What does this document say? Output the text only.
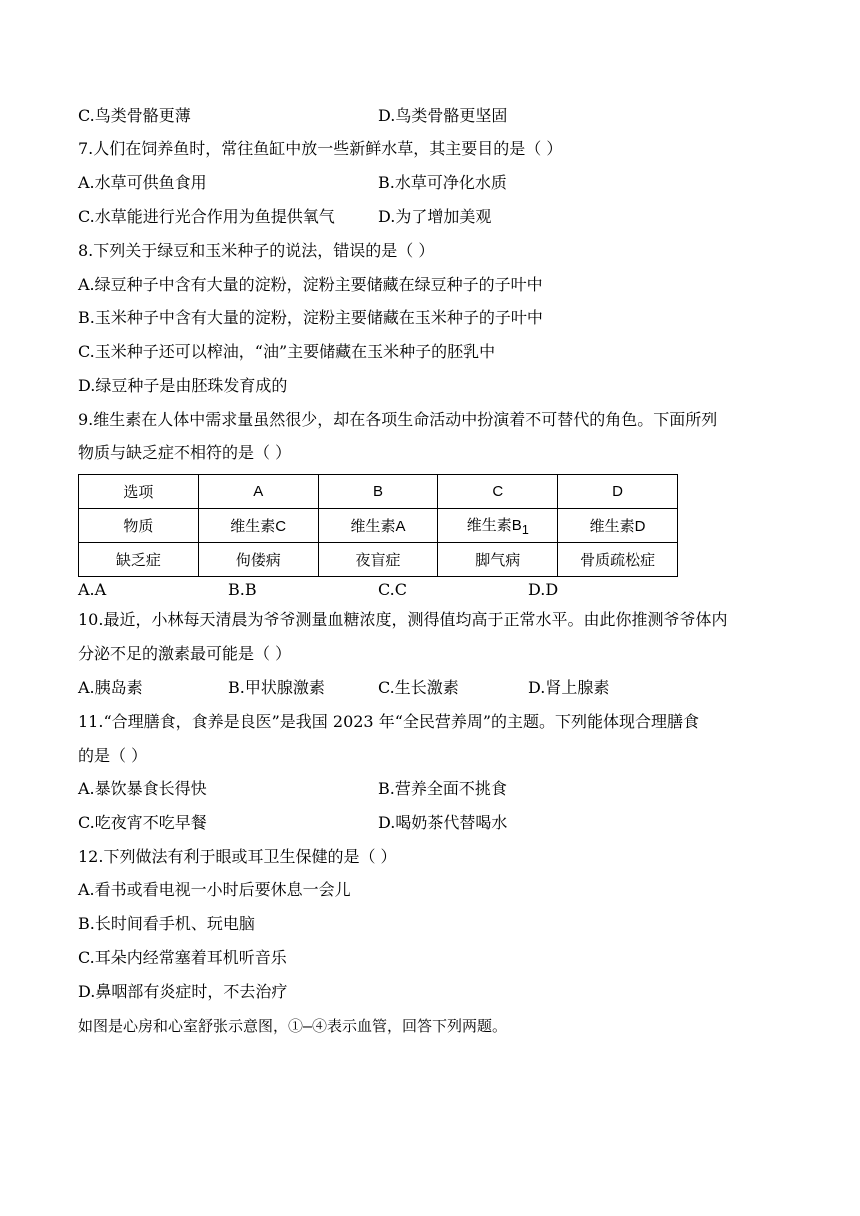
C.鸟类骨骼更薄	D.鸟类骨骼更坚固
7.人们在饲养鱼时，常往鱼缸中放一些新鲜水草，其主要目的是（ ）
A.水草可供鱼食用	B.水草可净化水质
C.水草能进行光合作用为鱼提供氧气	D.为了增加美观
8.下列关于绿豆和玉米种子的说法，错误的是（ ）
A.绿豆种子中含有大量的淀粉，淀粉主要储藏在绿豆种子的子叶中
B.玉米种子中含有大量的淀粉，淀粉主要储藏在玉米种子的子叶中
C.玉米种子还可以榨油，“油”主要储藏在玉米种子的胚乳中
D.绿豆种子是由胚珠发育成的
9.维生素在人体中需求量虽然很少，却在各项生命活动中扮演着不可替代的角色。下面所列
物质与缺乏症不相符的是（ ）
选项	A	B	C	D
物质	维生素C	维生素A	维生素$B_1$	维生素D
缺乏症	佝偻病	夜盲症	脚气病	骨质疏松症
A.A	B.B	C.C	D.D
10.最近，小林每天清晨为爷爷测量血糖浓度，测得值均高于正常水平。由此你推测爷爷体内
分泌不足的激素最可能是（ ）
A.胰岛素	B.甲状腺激素	C.生长激素	D.肾上腺素
11.“合理膳食，食养是良医”是我国 2023 年“全民营养周”的主题。下列能体现合理膳食
的是（ ）
A.暴饮暴食长得快	B.营养全面不挑食
C.吃夜宵不吃早餐	D.喝奶茶代替喝水
12.下列做法有利于眼或耳卫生保健的是（ ）
A.看书或看电视一小时后要休息一会儿
B.长时间看手机、玩电脑
C.耳朵内经常塞着耳机听音乐
D.鼻咽部有炎症时，不去治疗
如图是心房和心室舒张示意图，①—④表示血管，回答下列两题。
